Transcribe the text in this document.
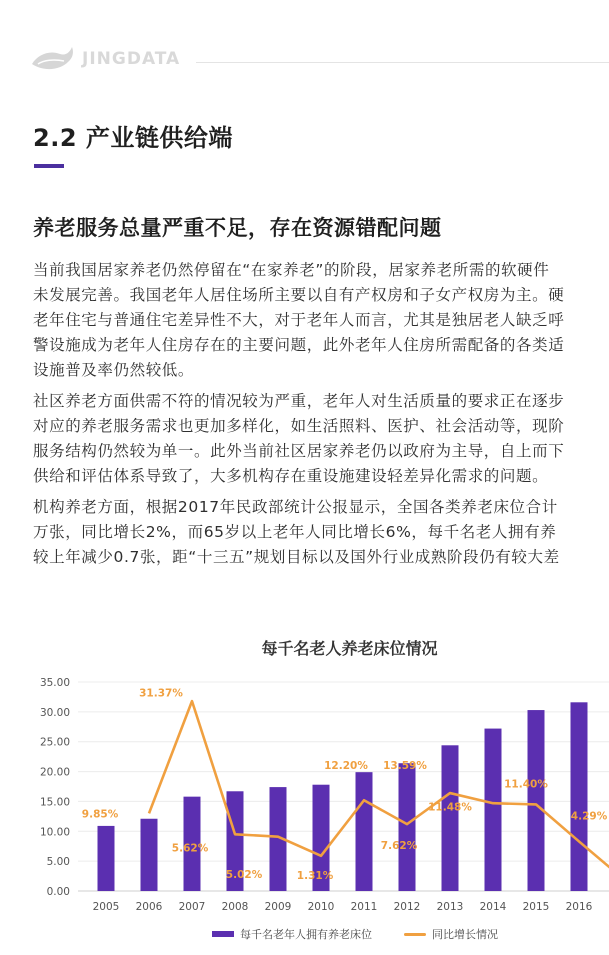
JINGDATA
2.2 产业链供给端
养老服务总量严重不足，存在资源错配问题
当前我国居家养老仍然停留在“在家养老”的阶段，居家养老所需的软硬件
未发展完善。我国老年人居住场所主要以自有产权房和子女产权房为主。硬
老年住宅与普通住宅差异性不大，对于老年人而言，尤其是独居老人缺乏呼
警设施成为老年人住房存在的主要问题，此外老年人住房所需配备的各类适
设施普及率仍然较低。
社区养老方面供需不符的情况较为严重，老年人对生活质量的要求正在逐步
对应的养老服务需求也更加多样化，如生活照料、医护、社会活动等，现阶
服务结构仍然较为单一。此外当前社区居家养老仍以政府为主导，自上而下
供给和评估体系导致了，大多机构存在重设施建设轻差异化需求的问题。
机构养老方面，根据2017年民政部统计公报显示，全国各类养老床位合计
万张，同比增长2%，而65岁以上老年人同比增长6%，每千名老人拥有养
较上年减少0.7张，距“十三五”规划目标以及国外行业成熟阶段仍有较大差
0.00
5.00
10.00
15.00
20.00
25.00
30.00
35.00
2005 2006 2007 2008 2009 2010 2011 2012 2013 2014 2015 2016
9.85%
31.37%
5.62%
5.02%	1.31%
12.20%
7.62%
13.59%
11.48%
11.40%
4.29%
每千名老人养老床位情况
每千名老年人拥有养老床位	同比增长情况
